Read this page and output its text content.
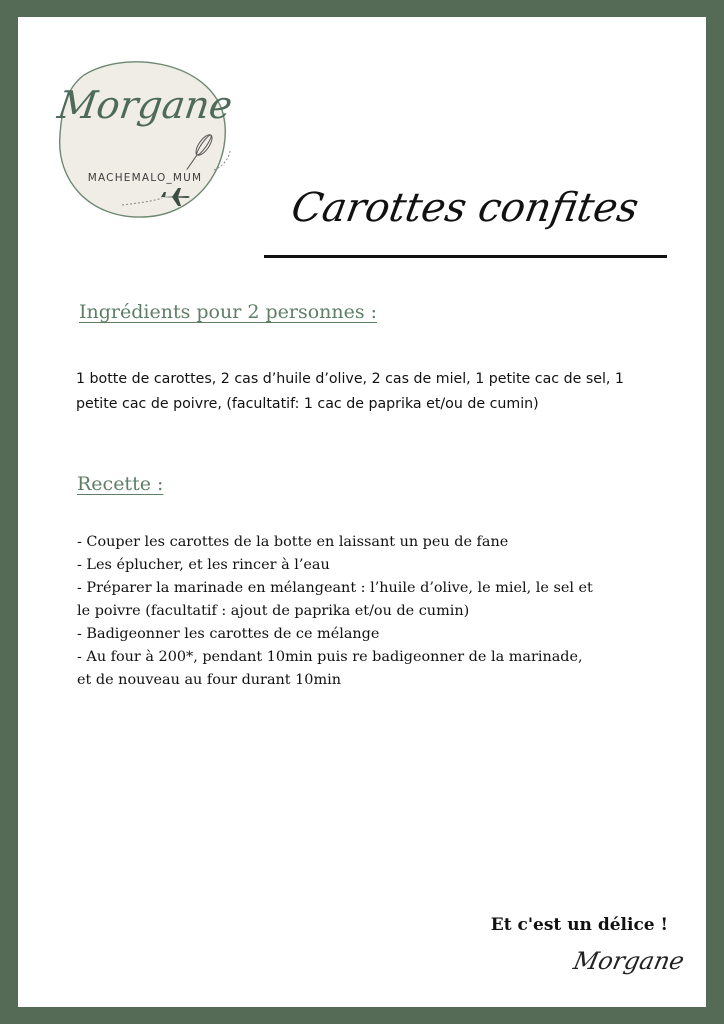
Morgane
MACHEMALO_MUM
Carottes confites
Ingrédients pour 2 personnes :
1 botte de carottes, 2 cas d’huile d’olive, 2 cas de miel, 1 petite cac de sel, 1
petite cac de poivre, (facultatif: 1 cac de paprika et/ou de cumin)
Recette :
- Couper les carottes de la botte en laissant un peu de fane
- Les éplucher, et les rincer à l’eau
- Préparer la marinade en mélangeant : l’huile d’olive, le miel, le sel et
le poivre (facultatif : ajout de paprika et/ou de cumin)
- Badigeonner les carottes de ce mélange
- Au four à 200*, pendant 10min puis re badigeonner de la marinade,
et de nouveau au four durant 10min
Et c'est un délice !
Morgane
